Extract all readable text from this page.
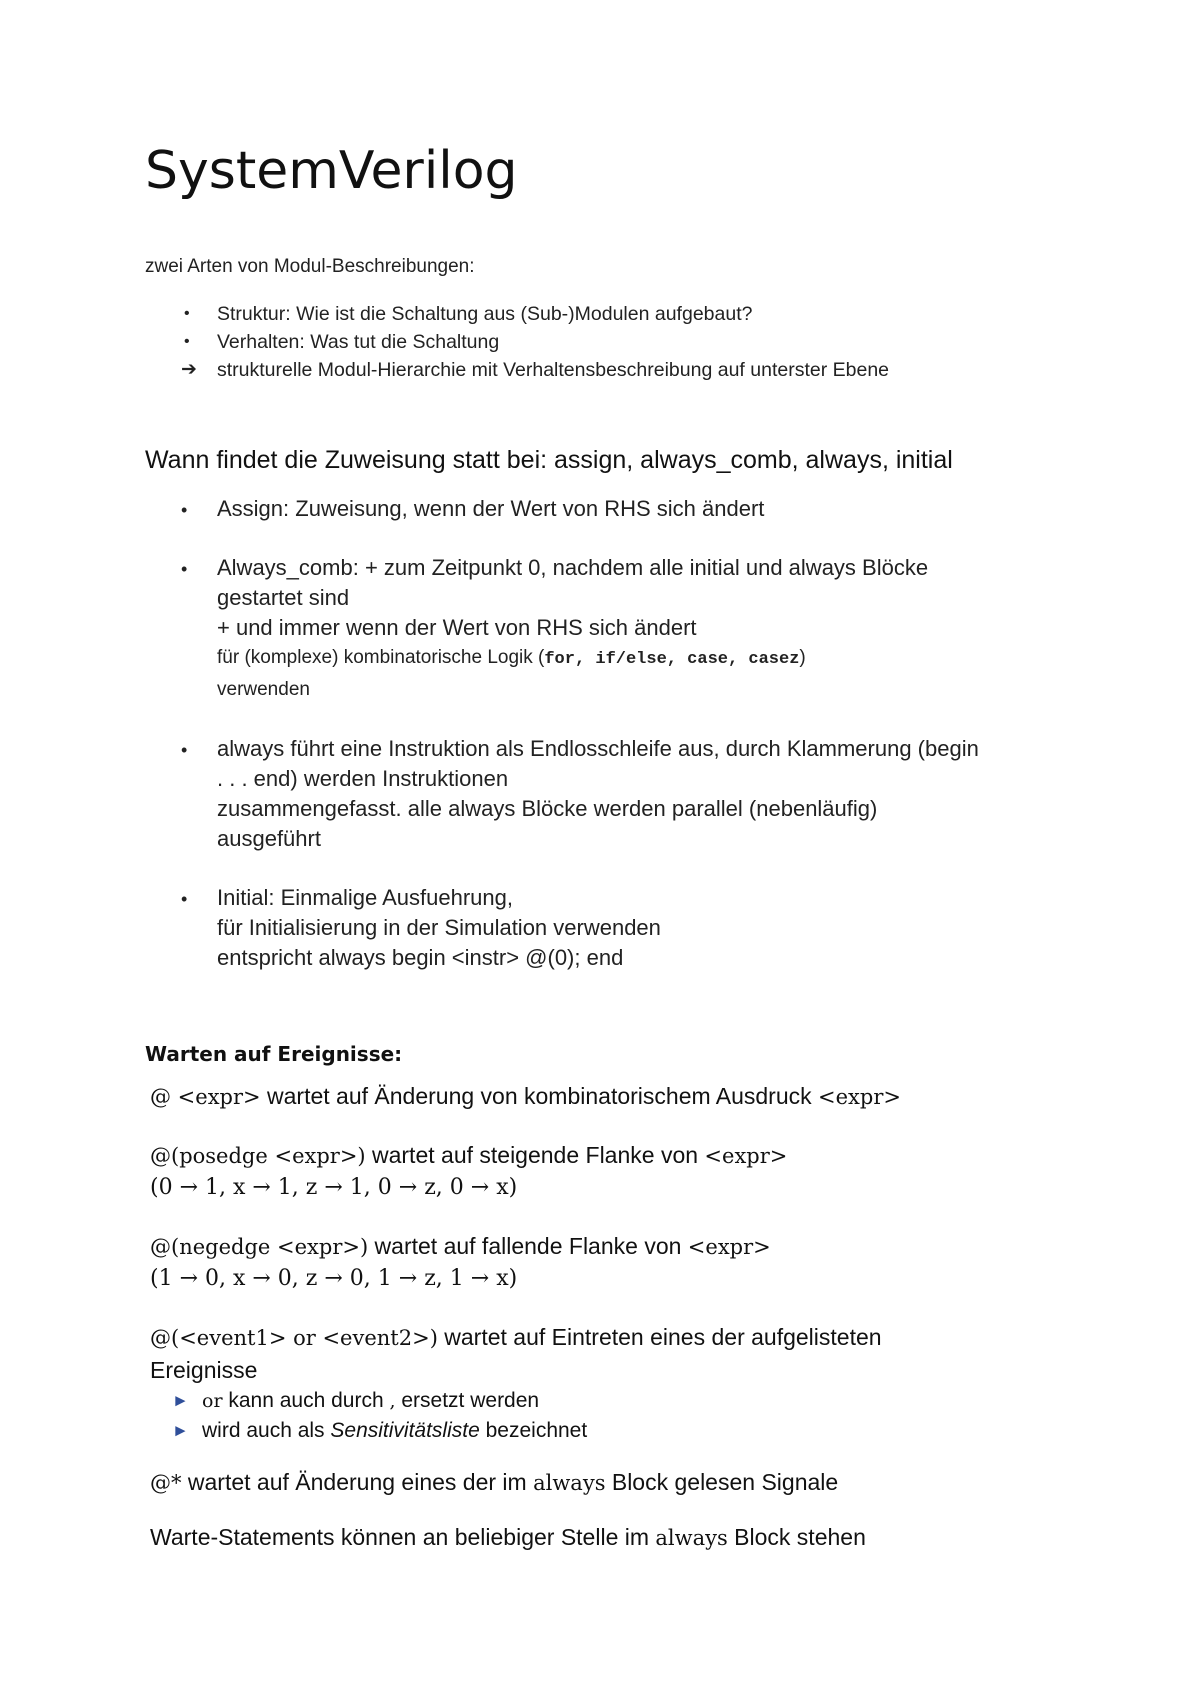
SystemVerilog
zwei Arten von Modul-Beschreibungen:
• Struktur: Wie ist die Schaltung aus (Sub-)Modulen aufgebaut?
• Verhalten: Was tut die Schaltung
➔ strukturelle Modul-Hierarchie mit Verhaltensbeschreibung auf unterster Ebene
Wann findet die Zuweisung statt bei: assign, always_comb, always, initial
• Assign: Zuweisung, wenn der Wert von RHS sich ändert
• Always_comb: + zum Zeitpunkt 0, nachdem alle initial und always Blöcke
gestartet sind
+ und immer wenn der Wert von RHS sich ändert
für (komplexe) kombinatorische Logik (for, if/else, case, casez)
verwenden
• always führt eine Instruktion als Endlosschleife aus, durch Klammerung (begin
. . . end) werden Instruktionen
zusammengefasst. alle always Blöcke werden parallel (nebenläufig)
ausgeführt
• Initial: Einmalige Ausfuehrung,
für Initialisierung in der Simulation verwenden
entspricht always begin <instr> @(0); end
Warten auf Ereignisse:
@ <expr> wartet auf Änderung von kombinatorischem Ausdruck <expr>
@(posedge <expr>) wartet auf steigende Flanke von <expr>
(0 → 1, x → 1, z → 1, 0 → z, 0 → x)
@(negedge <expr>) wartet auf fallende Flanke von <expr>
(1 → 0, x → 0, z → 0, 1 → z, 1 → x)
@(<event1> or <event2>) wartet auf Eintreten eines der aufgelisteten
Ereignisse
► or kann auch durch , ersetzt werden
► wird auch als Sensitivitätsliste bezeichnet
@* wartet auf Änderung eines der im always Block gelesen Signale
Warte-Statements können an beliebiger Stelle im always Block stehen
